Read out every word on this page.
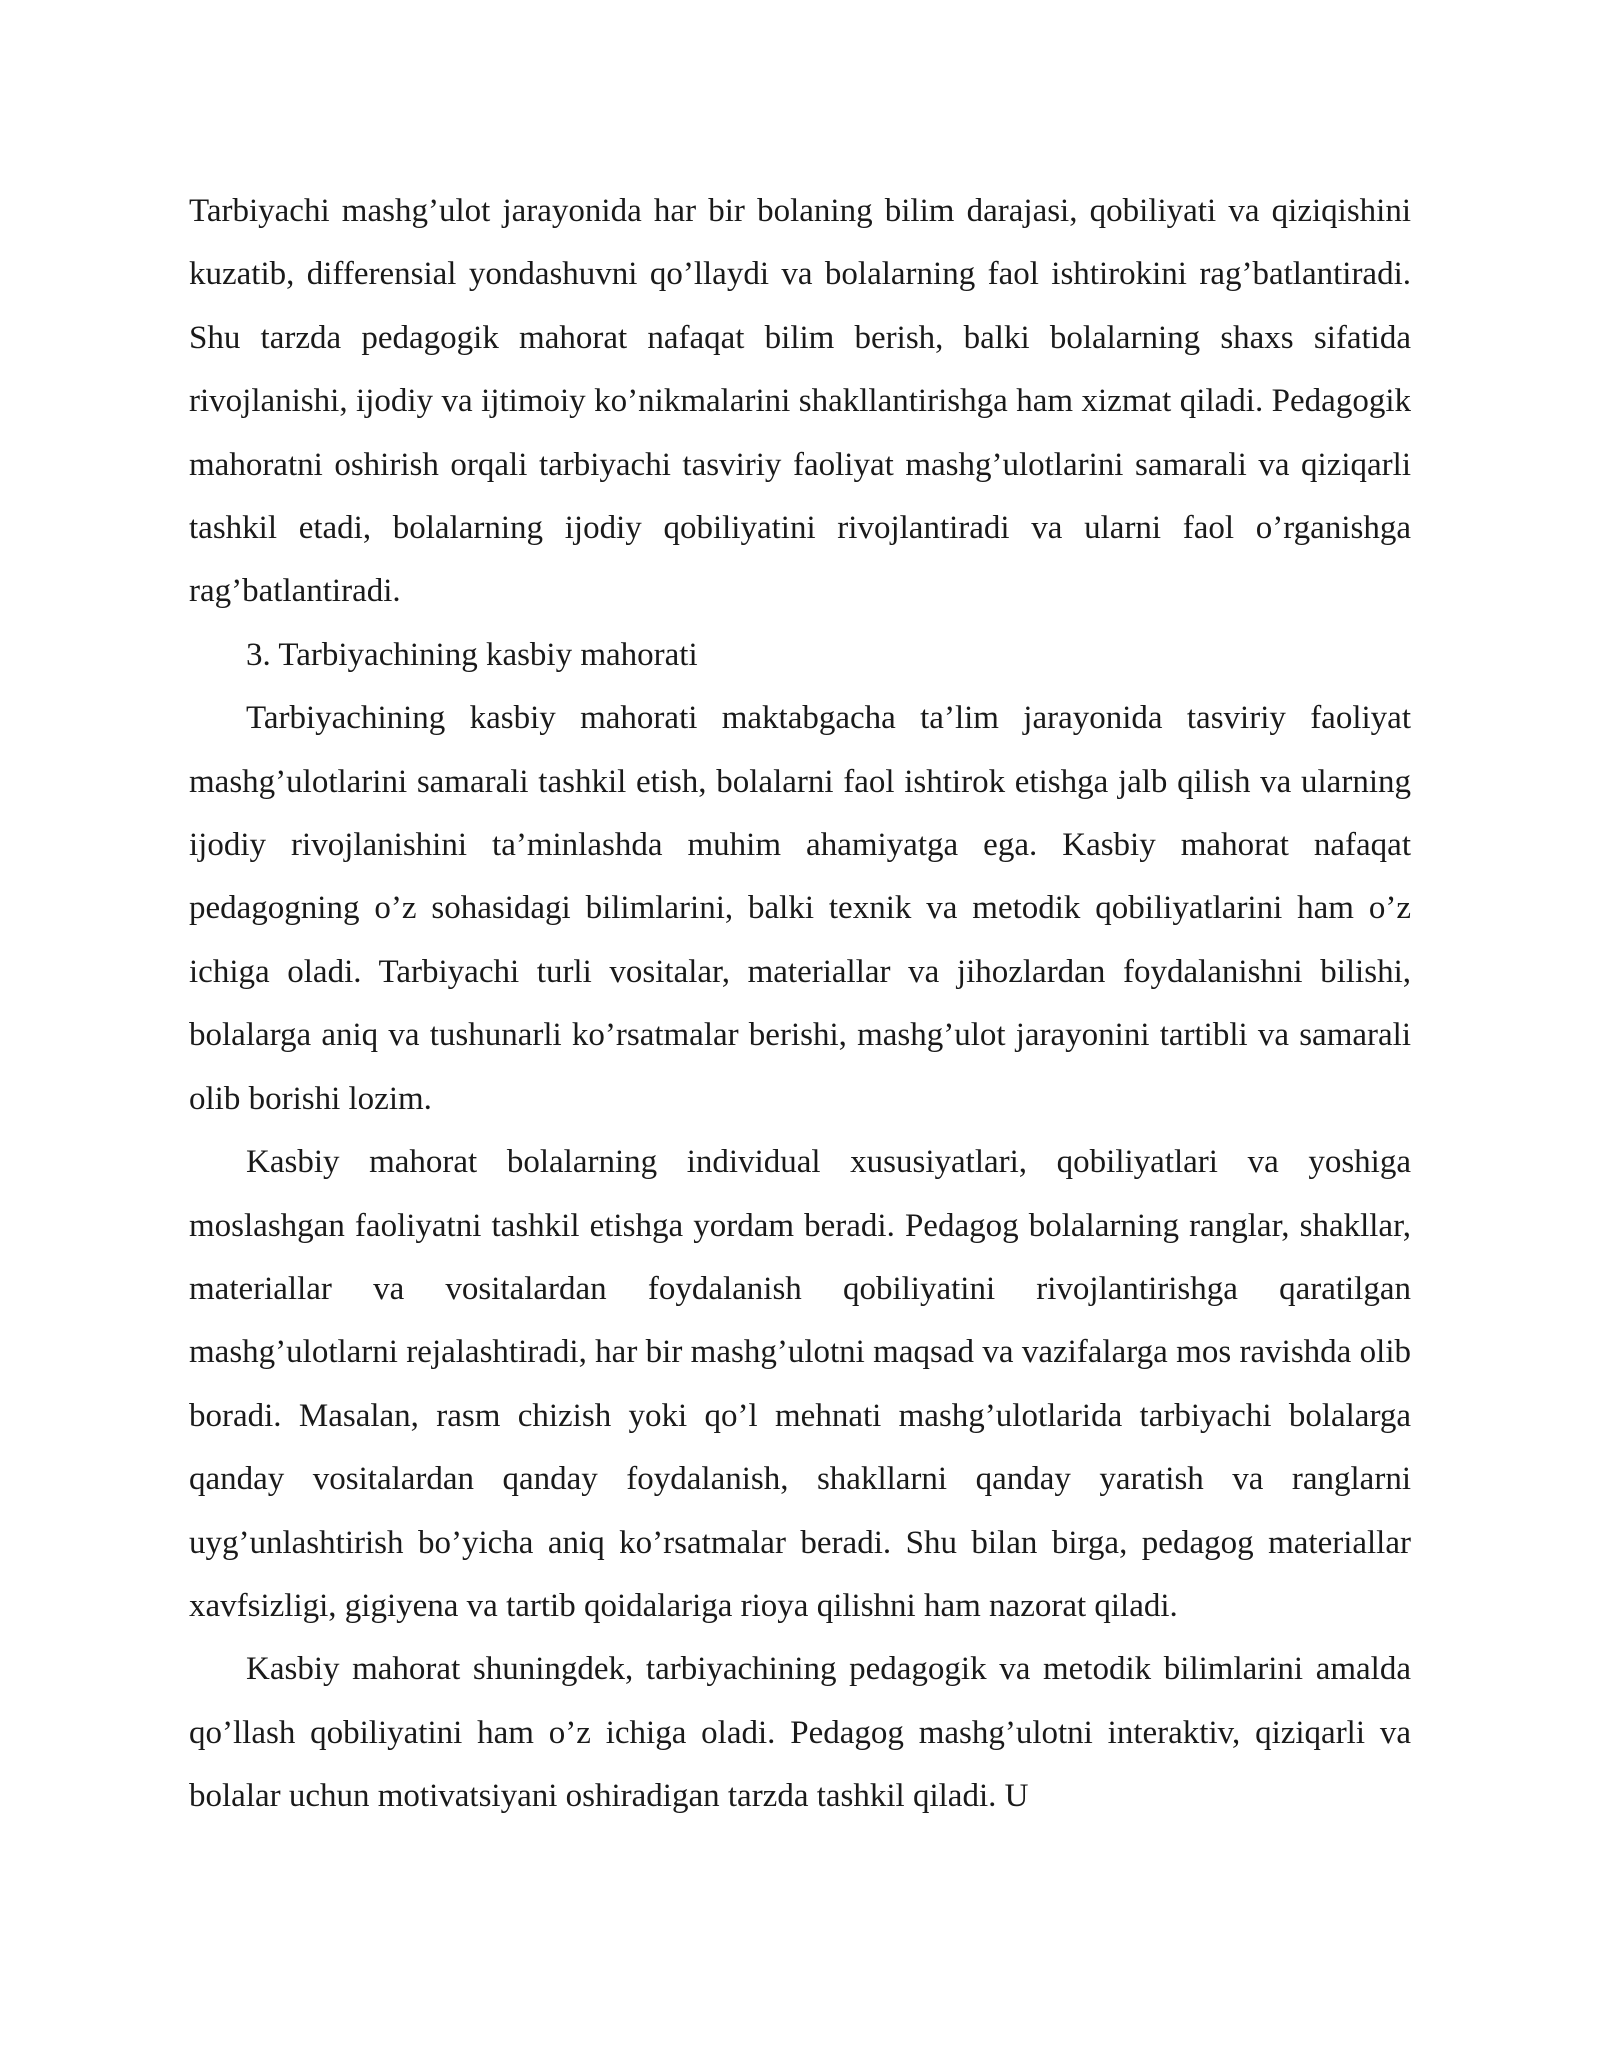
Tarbiyachi mashg’ulot jarayonida har bir bolaning bilim darajasi, qobiliyati va qiziqishini kuzatib, differensial yondashuvni qo’llaydi va bolalarning faol ishtirokini rag’batlantiradi. Shu tarzda pedagogik mahorat nafaqat bilim berish, balki bolalarning shaxs sifatida rivojlanishi, ijodiy va ijtimoiy ko’nikmalarini shakllantirishga ham xizmat qiladi. Pedagogik mahoratni oshirish orqali tarbiyachi tasviriy faoliyat mashg’ulotlarini samarali va qiziqarli tashkil etadi, bolalarning ijodiy qobiliyatini rivojlantiradi va ularni faol o’rganishga rag’batlantiradi.

3. Tarbiyachining kasbiy mahorati

Tarbiyachining kasbiy mahorati maktabgacha ta’lim jarayonida tasviriy faoliyat mashg’ulotlarini samarali tashkil etish, bolalarni faol ishtirok etishga jalb qilish va ularning ijodiy rivojlanishini ta’minlashda muhim ahamiyatga ega. Kasbiy mahorat nafaqat pedagogning o’z sohasidagi bilimlarini, balki texnik va metodik qobiliyatlarini ham o’z ichiga oladi. Tarbiyachi turli vositalar, materiallar va jihozlardan foydalanishni bilishi, bolalarga aniq va tushunarli ko’rsatmalar berishi, mashg’ulot jarayonini tartibli va samarali olib borishi lozim.

Kasbiy mahorat bolalarning individual xususiyatlari, qobiliyatlari va yoshiga moslashgan faoliyatni tashkil etishga yordam beradi. Pedagog bolalarning ranglar, shakllar, materiallar va vositalardan foydalanish qobiliyatini rivojlantirishga qaratilgan mashg’ulotlarni rejalashtiradi, har bir mashg’ulotni maqsad va vazifalarga mos ravishda olib boradi. Masalan, rasm chizish yoki qo’l mehnati mashg’ulotlarida tarbiyachi bolalarga qanday vositalardan qanday foydalanish, shakllarni qanday yaratish va ranglarni uyg’unlashtirish bo’yicha aniq ko’rsatmalar beradi. Shu bilan birga, pedagog materiallar xavfsizligi, gigiyena va tartib qoidalariga rioya qilishni ham nazorat qiladi.

Kasbiy mahorat shuningdek, tarbiyachining pedagogik va metodik bilimlarini amalda qo’llash qobiliyatini ham o’z ichiga oladi. Pedagog mashg’ulotni interaktiv, qiziqarli va bolalar uchun motivatsiyani oshiradigan tarzda tashkil qiladi. U
